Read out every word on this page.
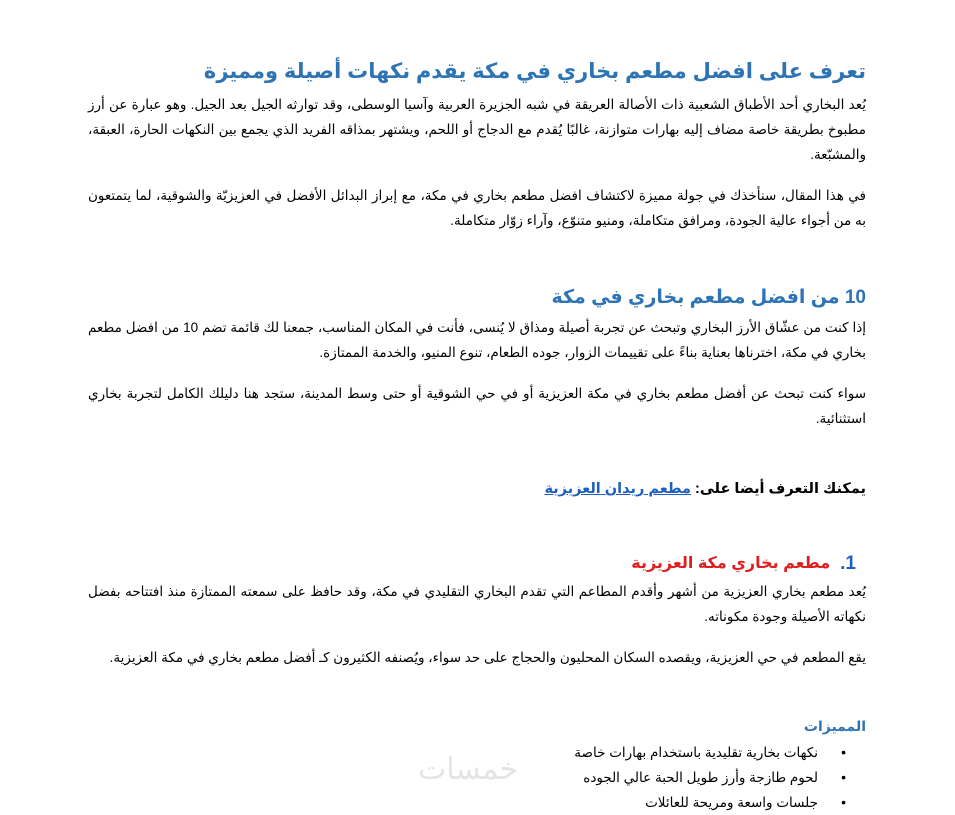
تعرف على افضل مطعم بخاري في مكة يقدم نكهات أصيلة ومميزة

يُعد البخاري أحد الأطباق الشعبية ذات الأصالة العريقة في شبه الجزيرة العربية وآسيا الوسطى، وقد توارثه الجيل بعد الجيل. وهو عبارة عن أرز مطبوخ بطريقة خاصة مضاف إليه بهارات متوازنة، غالبًا يُقدم مع الدجاج أو اللحم، ويشتهر بمذاقه الفريد الذي يجمع بين النكهات الحارة، العبقة، والمشبّعة.

في هذا المقال، سنأخذك في جولة مميزة لاكتشاف افضل مطعم بخاري في مكة، مع إبراز البدائل الأفضل في العزيزيّة والشوقية، لما يتمتعون به من أجواء عالية الجودة، ومرافق متكاملة، ومنيو متنوّع، وآراء زوّار متكاملة.

10 من افضل مطعم بخاري في مكة

إذا كنت من عشّاق الأرز البخاري وتبحث عن تجربة أصيلة ومذاق لا يُنسى، فأنت في المكان المناسب، جمعنا لك قائمة تضم 10 من افضل مطعم بخاري في مكة، اخترناها بعناية بناءً على تقييمات الزوار، جوده الطعام، تنوع المنيو، والخدمة الممتازة.

سواء كنت تبحث عن أفضل مطعم بخاري في مكة العزيزية أو في حي الشوقية أو حتى وسط المدينة، ستجد هنا دليلك الكامل لتجربة بخاري استثنائية.

يمكنك التعرف أيضا على: مطعم ريدان العزيزية
1.
مطعم بخاري مكة العزيزية

يُعد مطعم بخاري العزيزية من أشهر وأقدم المطاعم التي تقدم البخاري التقليدي في مكة، وقد حافظ على سمعته الممتازة منذ افتتاحه بفضل نكهاته الأصيلة وجودة مكوناته.

يقع المطعم في حي العزيزية، ويقصده السكان المحليون والحجاج على حد سواء، ويُصنفه الكثيرون كـ أفضل مطعم بخاري في مكة العزيزية.

المميزات
• نكهات بخارية تقليدية باستخدام بهارات خاصة
• لحوم طازجة وأرز طويل الحبة عالي الجوده
• جلسات واسعة ومريحة للعائلات
خمسات
